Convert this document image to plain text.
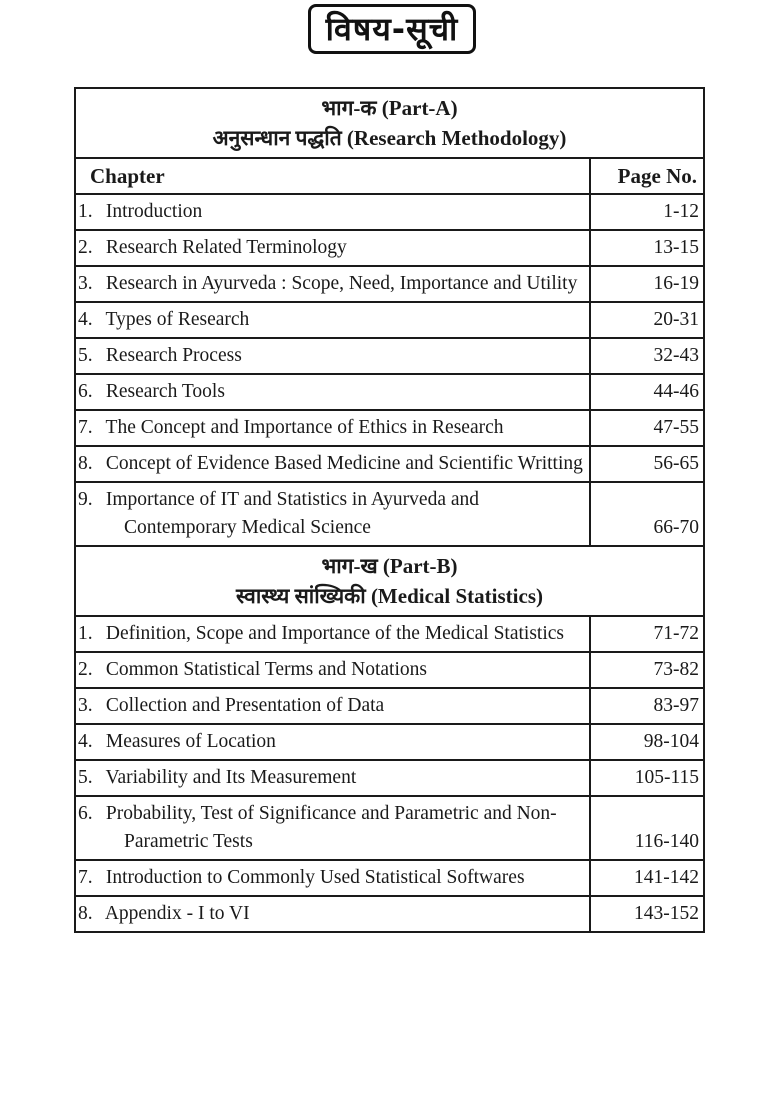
विषय-सूची
भाग-क (Part-A)
अनुसन्धान पद्धति (Research Methodology)	

Chapter	Page No.

1. Introduction	1-12

2. Research Related Terminology	13-15

3. Research in Ayurveda : Scope, Need, Importance and Utility	16-19

4. Types of Research	20-31

5. Research Process	32-43

6. Research Tools	44-46

7. The Concept and Importance of Ethics in Research	47-55

8. Concept of Evidence Based Medicine and Scientific Writting	56-65

9. Importance of IT and Statistics in Ayurveda and Contemporary Medical Science	66-70

भाग-ख (Part-B)
स्वास्थ्य सांख्यिकी (Medical Statistics)	

1. Definition, Scope and Importance of the Medical Statistics	71-72

2. Common Statistical Terms and Notations	73-82

3. Collection and Presentation of Data	83-97

4. Measures of Location	98-104

5. Variability and Its Measurement	105-115

6. Probability, Test of Significance and Parametric and Non-Parametric Tests	116-140

7. Introduction to Commonly Used Statistical Softwares	141-142

8. Appendix - I to VI	143-152
